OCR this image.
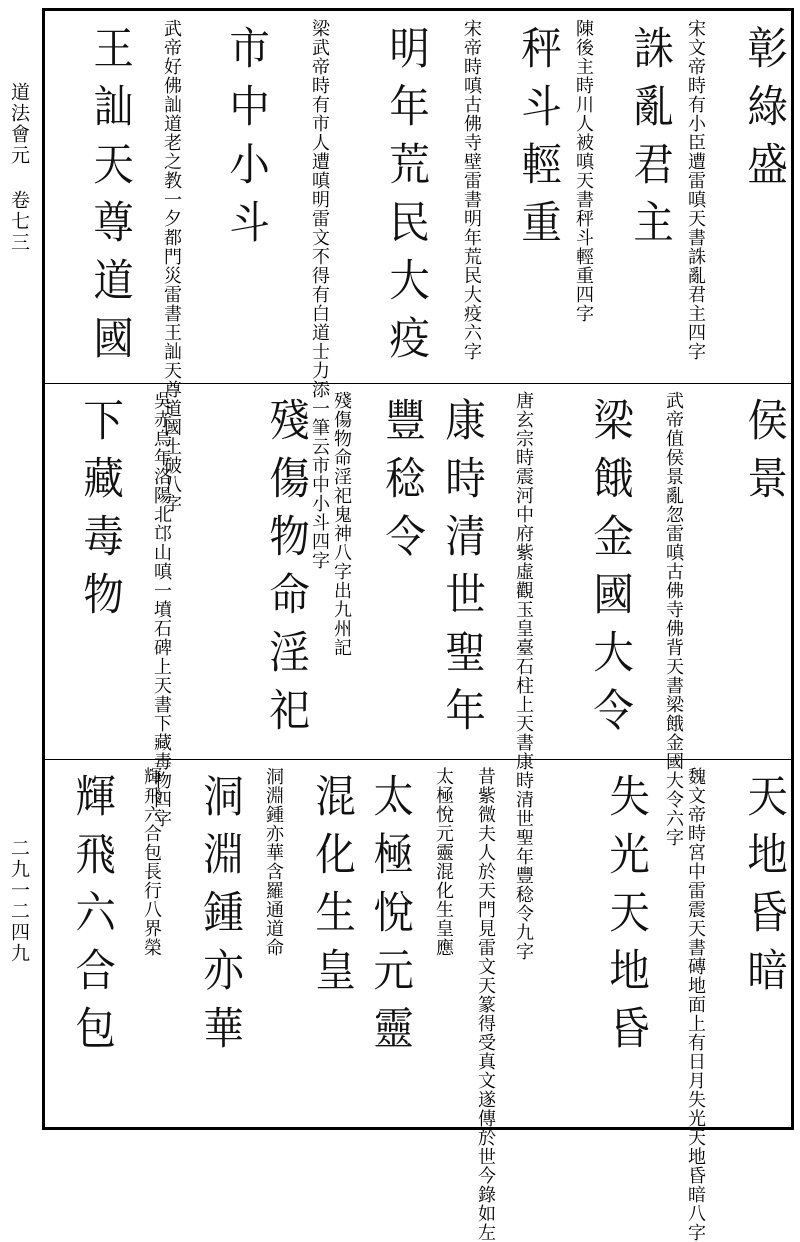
道法會元
卷七三
二九一二四九
彰綠盛
宋文帝時有小臣遭雷嗔天書誅亂君主四字
誅亂君主
陳後主時川人被嗔天書秤斗輕重四字
秤斗輕重
宋帝時嗔古佛寺壁雷書明年荒民大疫六字
明年荒民大疫
梁武帝時有市人遭嗔明雷文不得有白道士力添一筆云市中小斗四字
市中小斗
武帝好佛訕道老之教一夕都門災雷書王訕天尊道國土破八字
王訕天尊道國
侯景
武帝值侯景亂忽雷嗔古佛寺佛背天書梁餓金國大令六字
梁餓金國大令
唐玄宗時震河中府紫虛觀玉皇臺石柱上天書康時清世聖年豐稔令九字
康時清世聖年
豐稔令
殘傷物命淫祀鬼神八字出九州記
殘傷物命淫祀
吳赤烏年洛陽北邙山嗔一墳石碑上天書下藏毒物四字
下藏毒物
天地昏暗
魏文帝時宮中雷震天書磚地面上有日月失光天地昏暗八字
失光天地昏
昔紫微夫人於天門見雷文天篆得受真文遂傳於世今錄如左
太極悅元靈混化生皇應
太極悅元靈
混化生皇
洞淵鍾亦華含羅通道命
洞淵鍾亦華
輝飛六合包長行八界榮
輝飛六合包
